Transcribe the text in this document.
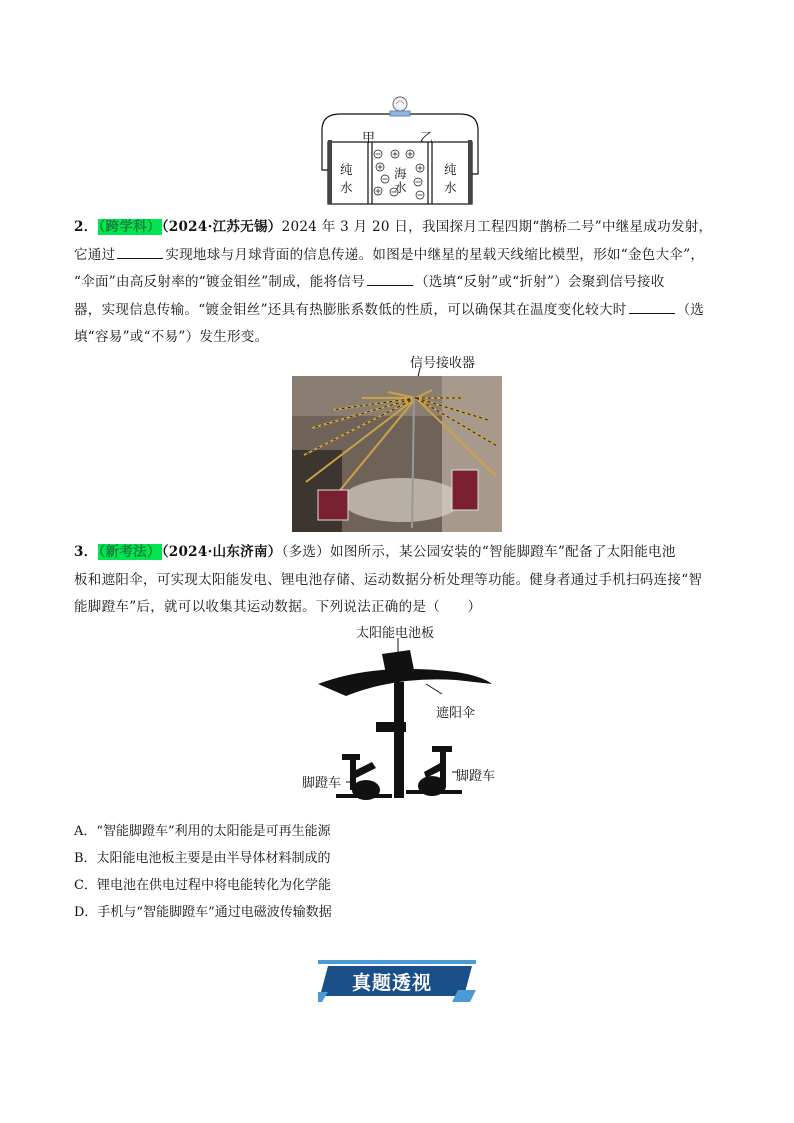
甲	乙
纯
水
海
水
纯
水
2．（跨学科）（2024·江苏无锡）2024 年 3 月 20 日，我国探月工程四期“鹊桥二号”中继星成功发射，
它通过	实现地球与月球背面的信息传递。如图是中继星的星载天线缩比模型，形如“金色大伞”，
“伞面”由高反射率的“镀金钼丝”制成，能将信号	（选填“反射”或“折射”）会聚到信号接收
器，实现信息传输。“镀金钼丝”还具有热膨胀系数低的性质，可以确保其在温度变化较大时	（选
填“容易”或“不易”）发生形变。
信号接收器
3．（新考法）（2024·山东济南）（多选）如图所示，某公园安装的“智能脚蹬车”配备了太阳能电池
板和遮阳伞，可实现太阳能发电、锂电池存储、运动数据分析处理等功能。健身者通过手机扫码连接“智
能脚蹬车”后，就可以收集其运动数据。下列说法正确的是（　　）
太阳能电池板
遮阳伞
脚蹬车	脚蹬车
A．“智能脚蹬车”利用的太阳能是可再生能源
B．太阳能电池板主要是由半导体材料制成的
C．锂电池在供电过程中将电能转化为化学能
D．手机与“智能脚蹬车”通过电磁波传输数据
真题透视
